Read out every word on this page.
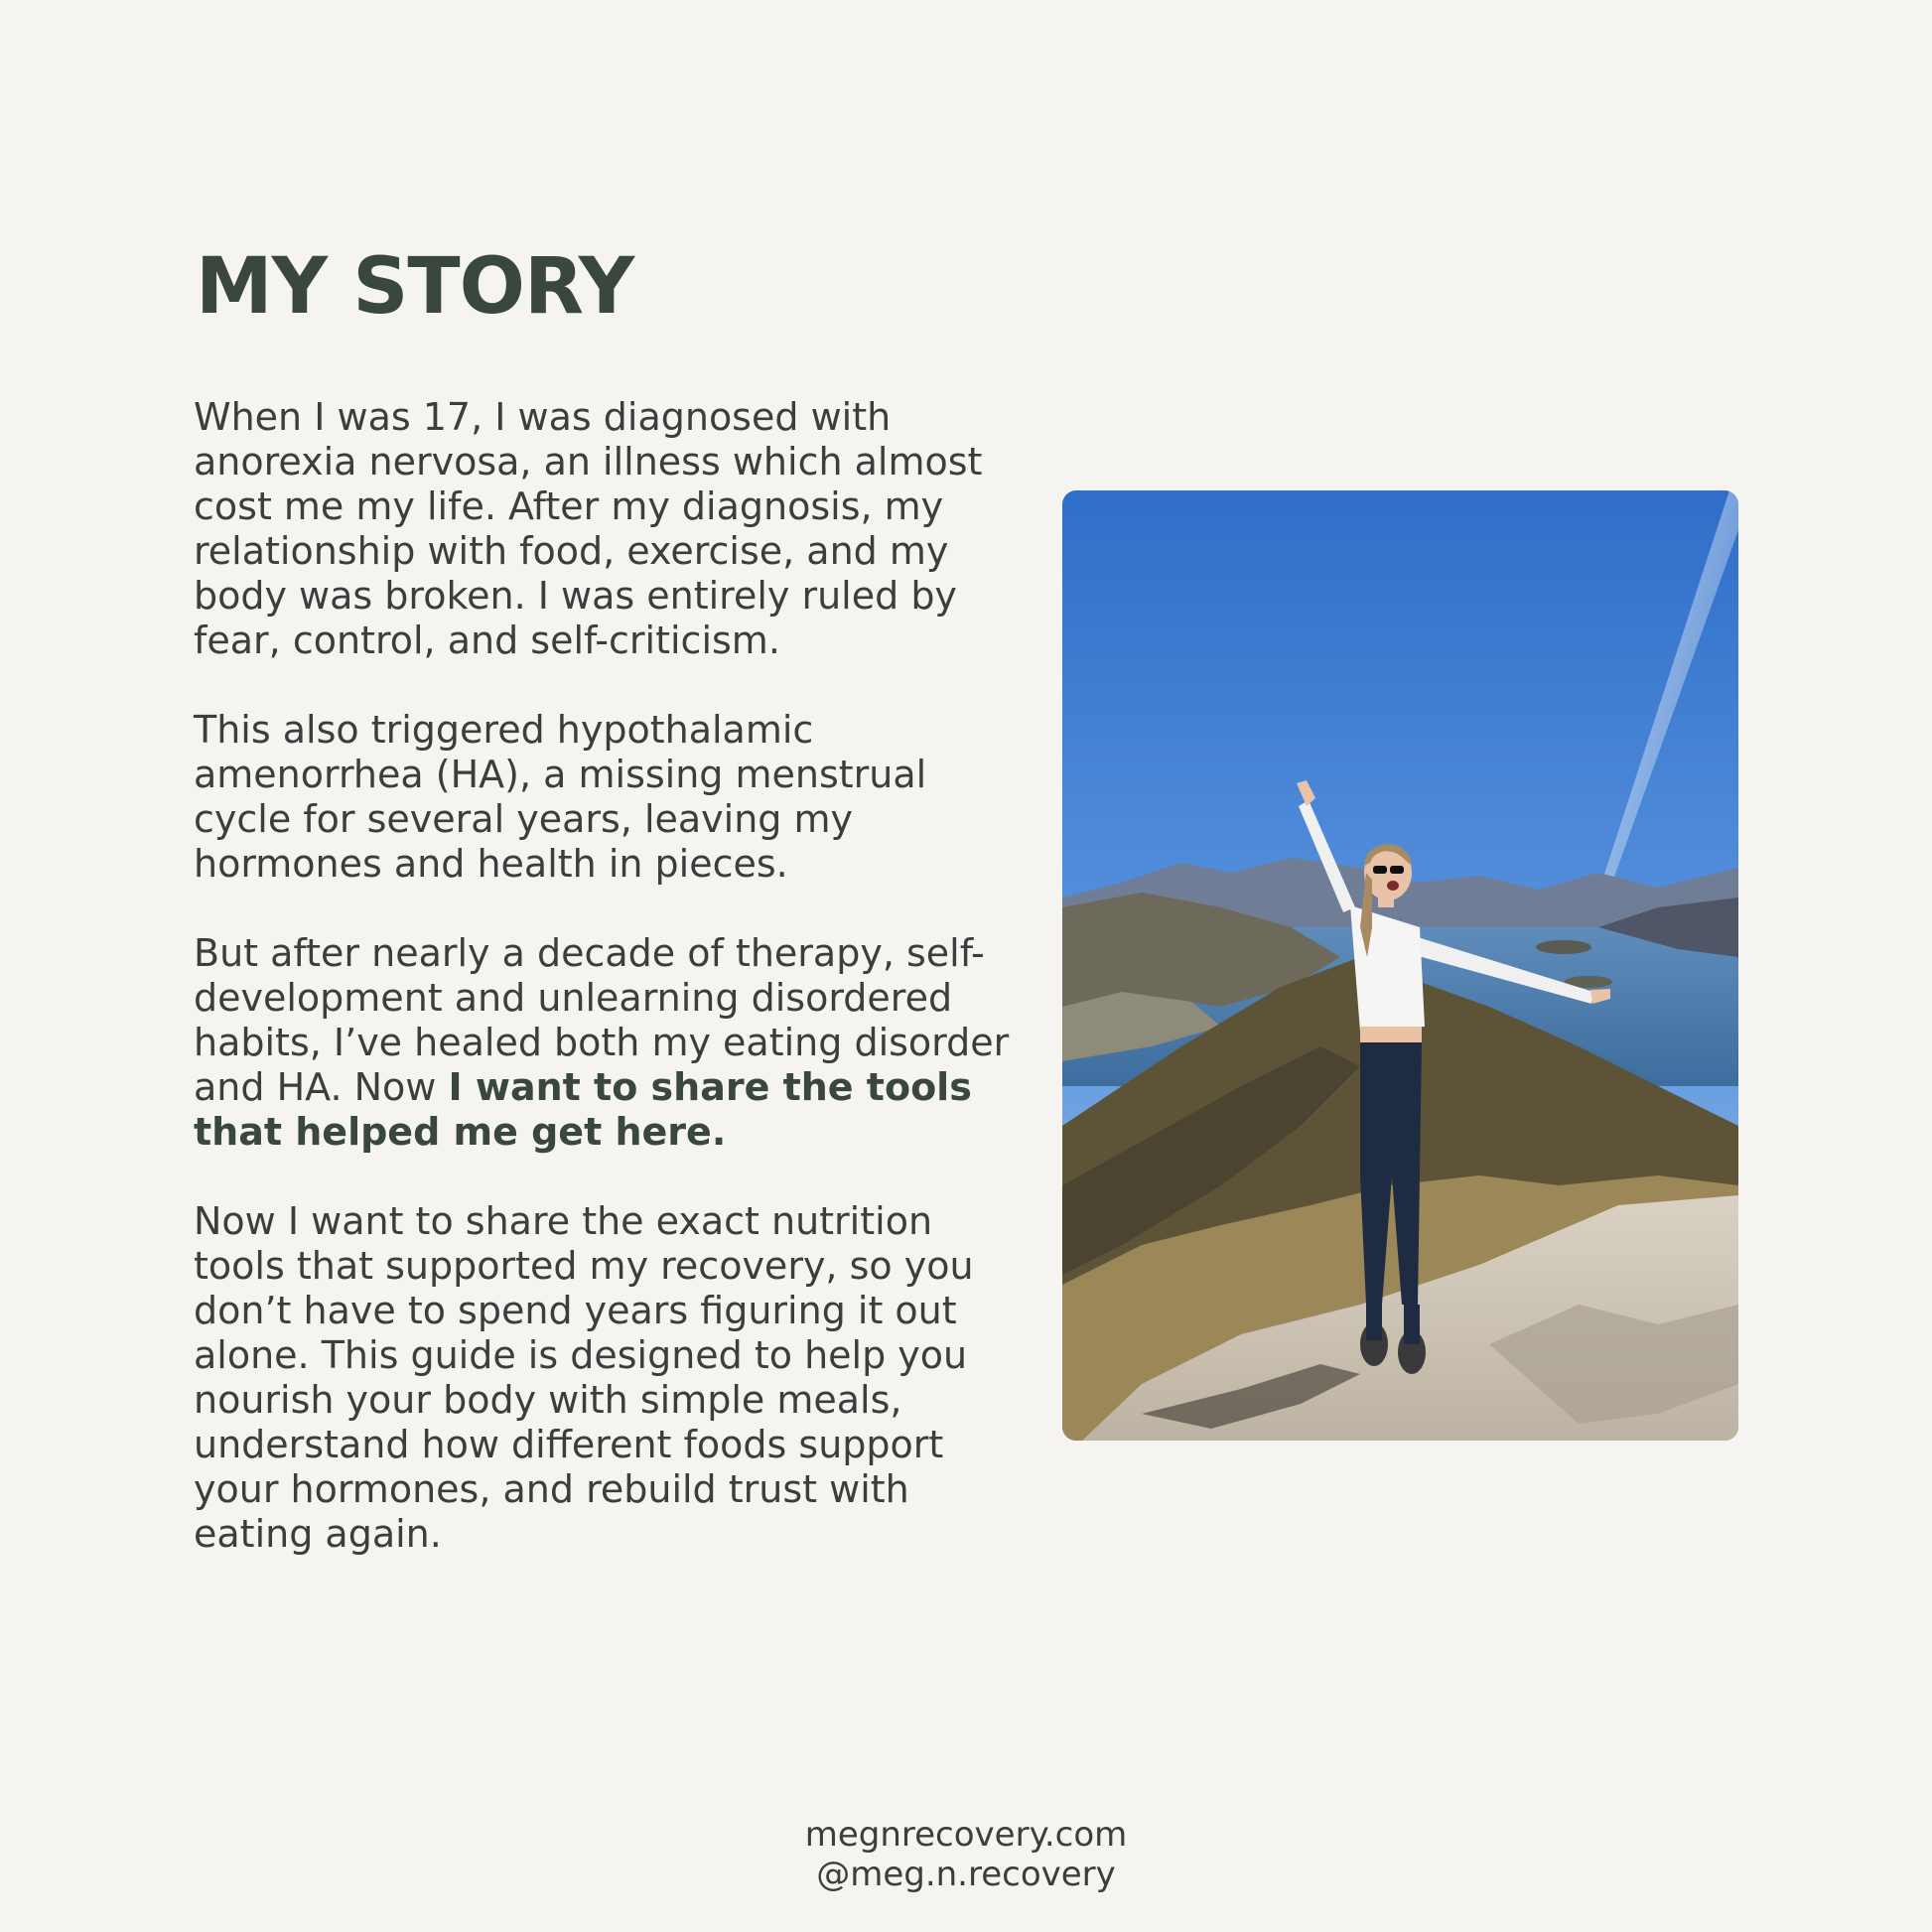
MY STORY

When I was 17, I was diagnosed with anorexia nervosa, an illness which almost cost me my life. After my diagnosis, my relationship with food, exercise, and my body was broken. I was entirely ruled by fear, control, and self-criticism.

This also triggered hypothalamic amenorrhea (HA), a missing menstrual cycle for several years, leaving my hormones and health in pieces.

But after nearly a decade of therapy, self-development and unlearning disordered habits, I’ve healed both my eating disorder and HA. Now I want to share the tools that helped me get here.

Now I want to share the exact nutrition tools that supported my recovery, so you don’t have to spend years figuring it out alone. This guide is designed to help you nourish your body with simple meals, understand how different foods support your hormones, and rebuild trust with eating again.

megnrecovery.com
@meg.n.recovery
